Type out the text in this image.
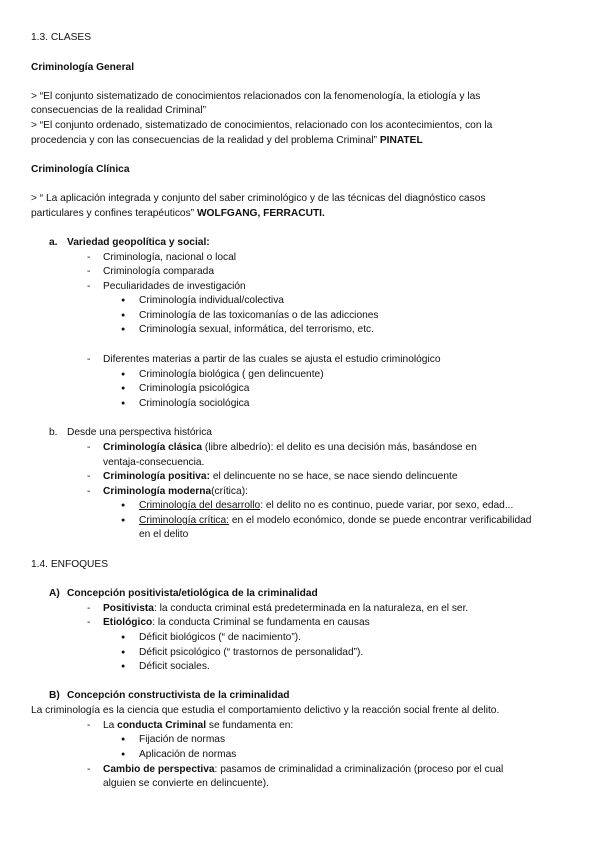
1.3. CLASES
Criminología General
> “El conjunto sistematizado de conocimientos relacionados con la fenomenología, la etiología y las
consecuencias de la realidad Criminal”
> “El conjunto ordenado, sistematizado de conocimientos, relacionado con los acontecimientos, con la
procedencia y con las consecuencias de la realidad y del problema Criminal” PINATEL
Criminología Clínica
> “ La aplicación integrada y conjunto del saber criminológico y de las técnicas del diagnóstico casos
particulares y confines terapéuticos” WOLFGANG, FERRACUTI.
a. Variedad geopolítica y social:
- Criminología, nacional o local
- Criminología comparada
- Peculiaridades de investigación
● Criminología individual/colectiva
● Criminología de las toxicomanías o de las adicciones
● Criminología sexual, informática, del terrorismo, etc.
- Diferentes materias a partir de las cuales se ajusta el estudio criminológico
● Criminología biológica ( gen delincuente)
● Criminología psicológica
● Criminología sociológica
b. Desde una perspectiva histórica
- Criminología clásica (libre albedrío): el delito es una decisión más, basándose en
ventaja-consecuencia.
- Criminología positiva: el delincuente no se hace, se nace siendo delincuente
- Criminología moderna(crítica):
● Criminología del desarrollo: el delito no es continuo, puede variar, por sexo, edad...
● Criminología crítica: en el modelo económico, donde se puede encontrar verificabilidad
en el delito
1.4. ENFOQUES
A) Concepción positivista/etiológica de la criminalidad
- Positivista: la conducta criminal está predeterminada en la naturaleza, en el ser.
- Etiológico: la conducta Criminal se fundamenta en causas
● Déficit biológicos (“ de nacimiento”).
● Déficit psicológico (“ trastornos de personalidad”).
● Déficit sociales.
B) Concepción constructivista de la criminalidad
La criminología es la ciencia que estudia el comportamiento delictivo y la reacción social frente al delito.
- La conducta Criminal se fundamenta en:
● Fijación de normas
● Aplicación de normas
- Cambio de perspectiva: pasamos de criminalidad a criminalización (proceso por el cual
alguien se convierte en delincuente).
